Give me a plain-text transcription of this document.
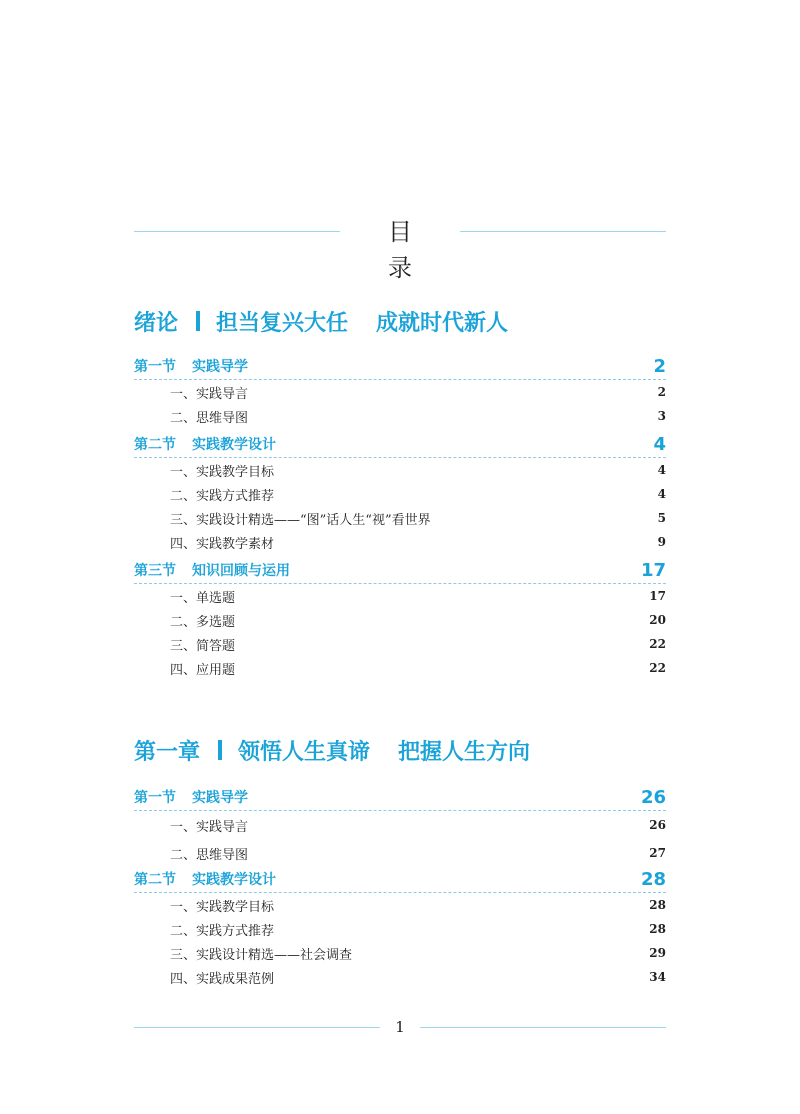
目 录
绪论 担当复兴大任 成就时代新人
第一节 实践导学	2
一、实践导言	2
二、思维导图	3
第二节 实践教学设计	4
一、实践教学目标	4
二、实践方式推荐	4
三、实践设计精选——“图”话人生“视”看世界	5
四、实践教学素材	9
第三节 知识回顾与运用	17
一、单选题	17
二、多选题	20
三、简答题	22
四、应用题	22
第一章 领悟人生真谛 把握人生方向
第一节 实践导学	26
一、实践导言	26
二、思维导图	27
第二节 实践教学设计	28
一、实践教学目标	28
二、实践方式推荐	28
三、实践设计精选——社会调查	29
四、实践成果范例	34
1
